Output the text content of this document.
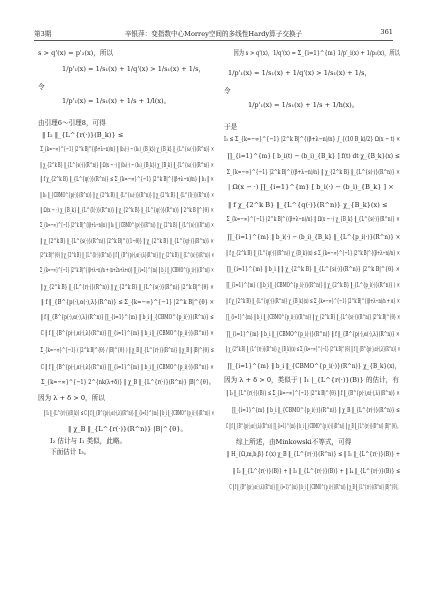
第3期	辛银萍：变指数中心Morrey空间的多线性Hardy算子交换子	361
s > q'(x) = p'₂(x)，所以
1/p'₁(x) = 1/s₁(x) + 1/q'(x) > 1/s₁(x) + 1/s，
令
1/p'₁(x) = 1/s₁(x) + 1/s + 1/l(x)。
由引理6～引理8，可得
‖ I₂ ‖_{L^{r(·)}(B_k)} ≤
Σ_{k=−∞}^{−1} |2^k B|^{(β+λ−n)/n} ‖ (b₁(·) − (b₁)_{B_k}) χ_{B_k} ‖_{L^{s₁(·)}(R^n)} ×
‖ χ_{2^k B} ‖_{L^{s(·)}(R^n)} ‖ Ω(x − ·) ‖ (b₂(·) − (b₂)_{B_k}) χ_{B_k} ‖_{L^{s₂(·)}(R^n)} ×
‖ f χ_{2^k B} ‖_{L^{q(·)}(R^n)} ≤ Σ_{k=−∞}^{−1} |2^k B|^{(β+λ−n)/n} ‖ b₁ ‖ ×
‖ b₁ ‖_{CBMO^{p(·)}(R^n)} ‖ χ_{2^k B} ‖_{L^{s₁(·)}(R^n)} ‖ χ_{2^k B} ‖_{L^{l(·)}(R^n)} ×
‖ Ω(x − ·) χ_{B_k} ‖_{L^{l(·)}(R^n)} ‖ χ_{2^k B} ‖_{L^{q(·)}(R^n)} ‖ 2^k B ‖^{θ} ×
Σ_{k=−∞}^{−1} |2^k B|^{(β+λ−n)/n} ‖ b₁ ‖_{CBMO^{p(·)}(R^n)} ‖ χ_{2^k B} ‖_{L^{s(·)}(R^n)} ×
‖ χ_{2^k B} ‖_{L^{s(·)}(R^n)} |2^k B|^{(1−θ)} ‖ χ_{2^k B} ‖_{L^{q(·)}(R^n)} ×
|2^k B|^{θ} ‖ χ_{2^k B} ‖_{L^{l(·)}(R^n)} ‖ f ‖_{B^{p(·),α(·),λ}(R^n)} ‖ χ_{2^k B} ‖_{L^{s(·)}(R^n)} ×
Σ_{k=−∞}^{−1} |2^k B|^{(β+λ−n)/n + (n+2n+λ+α)} ∏_{i=1}^{m} ‖ b_i ‖_{CBMO^{p_i(·)}(R^n)} ×
‖ χ_{2^k B} ‖_{L^{r(·)}(R^n)} ‖ χ_{2^k B} ‖_{L^{s(·)}(R^n)} |2^k B|^{θ} ×
‖ f ‖_{B^{p(·),α(·),λ}(R^n)} ≤ Σ_{k=−∞}^{−1} |2^k B|^{θ} ×
‖ f ‖_{B^{p(·),α(·),λ}(R^n)} ∏_{i=1}^{m} ‖ b_i ‖_{CBMO^{p_i(·)}(R^n)} ≤
C ‖ f ‖_{B^{p(·),α(·),λ}(R^n)} ∏_{i=1}^{m} ‖ b_i ‖_{CBMO^{p_i(·)}(R^n)} ×
Σ_{k=−∞}^{−1} ( |2^k B|^{θ} / |B|^{θ} ) ‖ χ_B ‖_{L^{r(·)}(R^n)} ‖ χ_B ‖ |B|^{θ} ≤
C ‖ f ‖_{B^{p(·),α(·),λ}(R^n)} ∏_{i=1}^{m} ‖ b_i ‖_{CBMO^{p_i(·)}(R^n)} ×
Σ_{k=−∞}^{−1} 2^{nk(λ+δ)} ‖ χ_B ‖_{L^{r(·)}(R^n)} |B|^{θ}。
因为 λ + δ > 0，所以
‖ I₂ ‖_{L^{r(·)}(B_k)} ≤ C ‖ f ‖_{B^{p(·),α(·),λ}(R^n)} ∏_{i=1}^{m} ‖ b_i ‖_{CBMO^{p_i(·)}(R^n)} ×
‖ χ_B ‖_{L^{r(·)}(R^n)} |B|^{θ}。
I₂ 估计与 I₁ 类似，此略。
下面估计 I₃。
因为 s > q'(x)，1/q'(x) = Σ_{i=1}^{m} 1/p'_i(x) + 1/p₁(x)，所以
1/p'₁(x) = 1/s₁(x) + 1/q'(x) > 1/s₁(x) + 1/s，
令
1/p'₁(x) = 1/s₁(x) + 1/s + 1/h(x)。
于是
I₃ ≤ Σ_{k=−∞}^{−1} |2^k B|^{(β+λ−n)/n} ∫_{(10 B_k)/2} Ω(x − t) ×
∏_{i=1}^{m} [ b_i(t) − (b_i)_{B_k} ] f(t) dt χ_{B_k}(x) ≤
Σ_{k=−∞}^{−1} |2^k B|^{(β+λ−n)/n} ‖ χ_{2^k B} ‖_{L^{s(·)}(R^n)} ×
| Ω(x − ·) ∏_{i=1}^{m} [ b_i(·) − (b_i)_{B_k} ] ×
‖ f χ_{2^k B} ‖_{L^{q(·)}(R^n)} χ_{B_k}(x) ≤
Σ_{k=−∞}^{−1} |2^k B|^{(β+λ−n)/n} ‖ Ω(x − ·) χ_{B_k} ‖_{L^{s(·)}(R^n)} ×
∏_{i=1}^{m} ‖ b_i(·) − (b_i)_{B_k} ‖_{L^{p_i(·)}(R^n)} ×
‖ f χ_{2^k B} ‖_{L^{q(·)}(R^n)} χ_{B_k}(x) ≤ Σ_{k=−∞}^{−1} |2^k B|^{(β+λ−n)/n} ×
∏_{i=1}^{m} ‖ b_i ‖ ‖ χ_{2^k B} ‖_{L^{s(·)}(R^n)} |2^k B|^{θ} ×
∏_{i=1}^{m} ( ‖ b_i ‖_{CBMO^{p_i(·)}(R^n)} ‖ χ_{2^k B} ‖_{L^{p_i(·)}(R^n)} ) ×
‖ f χ_{2^k B} ‖_{L^{q(·)}(R^n)} χ_{B_k}(x) ≤ Σ_{k=−∞}^{−1} |2^k B|^{(β+λ−n)/n + α} ×
∏_{i=1}^{m} ‖ b_i ‖_{CBMO^{p_i(·)}(R^n)} ‖ χ_{2^k B} ‖_{L^{s(·)}(R^n)} |2^k B|^{θ} ×
∏_{i=1}^{m} ‖ b_i ‖_{CBMO^{p_i(·)}(R^n)} ‖ f ‖_{B^{p(·),α(·),λ}(R^n)} ×
‖ χ_{2^k B} ‖_{L^{r(·)}(R^n)} χ_{B_k}(x) ≤ Σ_{k=−∞}^{−1} |2^k B|^{θ} ‖ f ‖_{B^{p(·),α(·),λ}(R^n)} ×
∏_{i=1}^{m} ‖ b_i ‖_{CBMO^{p_i(·)}(R^n)} χ_{B_k}(x)，
因为 λ + δ > 0，类似于 | I₁ |_{L^{r(·)}(B)} 的估计，有
‖ I₃ ‖_{L^{r(·)}(B)} ≤ Σ_{k=−∞}^{−1} |2^k B|^{θ} ‖ f ‖_{B^{p(·),α(·),λ}(R^n)} ×
∏_{i=1}^{m} ‖ b_i ‖_{CBMO^{p_i(·)}(R^n)} ‖ χ_B ‖_{L^{r(·)}(R^n)} ≤
C ‖ f ‖_{B^{p(·),α(·),λ}(R^n)} ∏_{i=1}^{m} ‖ b_i ‖_{CBMO^{p_i(·)}(R^n)} ‖ χ_B ‖_{L^{r(·)}(R^n)} |B|^{θ}。
综上所述，由Minkowski不等式，可得
‖ H_{Ω,m,b,β} f (x) χ_B ‖_{L^{r(·)}(R^n)} ≤ ‖ I₁ ‖_{L^{r(·)}(B)} +
‖ I₂ ‖_{L^{r(·)}(B)} + ‖ I₃ ‖_{L^{r(·)}(B)} + ‖ I₄ ‖_{L^{r(·)}(B)} ≤
C ‖ f ‖_{B^{p(·),α(·),λ}(R^n)} ∏_{i=1}^{m} ‖ b_i ‖_{CBMO^{p_i(·)}(R^n)} ‖ χ_B ‖_{L^{r(·)}(R^n)} |B|^{θ}。
